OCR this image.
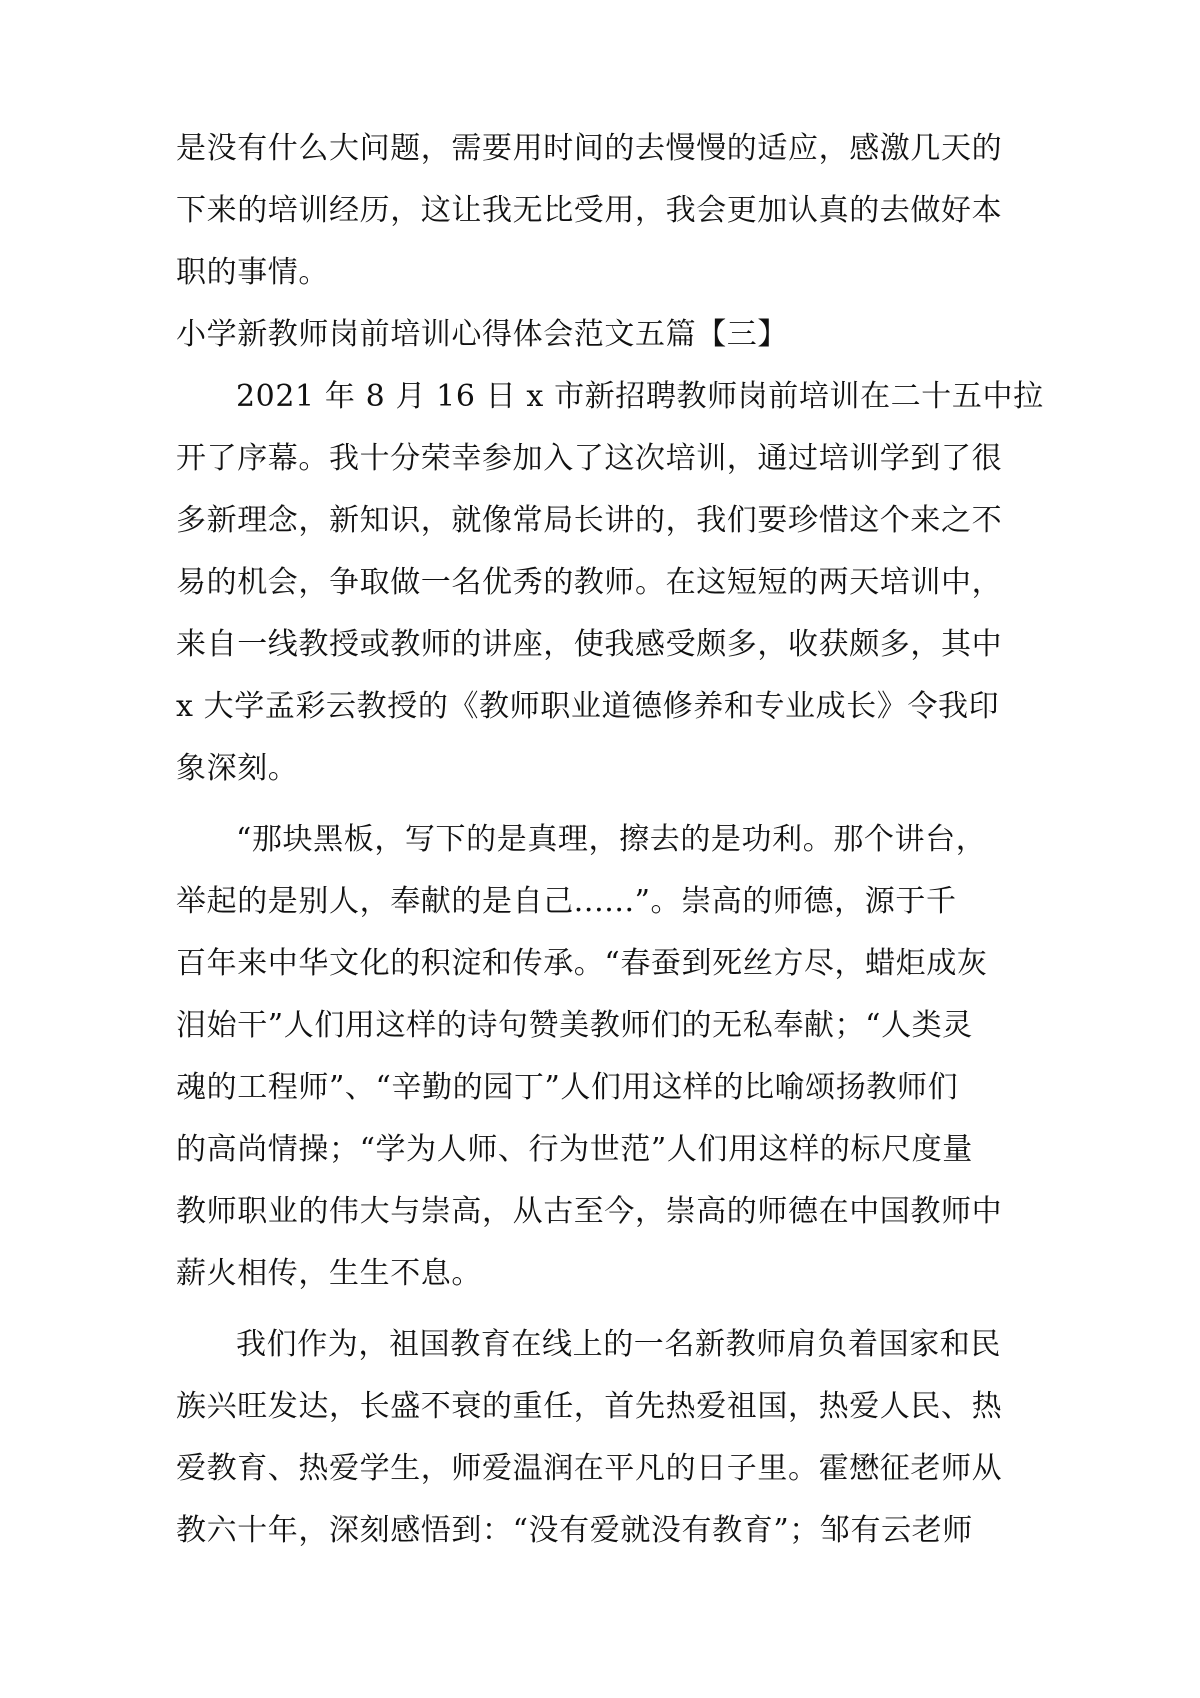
是没有什么大问题，需要用时间的去慢慢的适应，感激几天的
下来的培训经历，这让我无比受用，我会更加认真的去做好本
职的事情。
小学新教师岗前培训心得体会范文五篇【三】
2021 年 8 月 16 日 x 市新招聘教师岗前培训在二十五中拉
开了序幕。我十分荣幸参加入了这次培训，通过培训学到了很
多新理念，新知识，就像常局长讲的，我们要珍惜这个来之不
易的机会，争取做一名优秀的教师。在这短短的两天培训中，
来自一线教授或教师的讲座，使我感受颇多，收获颇多，其中
x 大学孟彩云教授的《教师职业道德修养和专业成长》令我印
象深刻。
“那块黑板，写下的是真理，擦去的是功利。那个讲台，
举起的是别人，奉献的是自己......”。崇高的师德，源于千
百年来中华文化的积淀和传承。“春蚕到死丝方尽，蜡炬成灰
泪始干”人们用这样的诗句赞美教师们的无私奉献；“人类灵
魂的工程师”、“辛勤的园丁”人们用这样的比喻颂扬教师们
的高尚情操；“学为人师、行为世范”人们用这样的标尺度量
教师职业的伟大与崇高，从古至今，崇高的师德在中国教师中
薪火相传，生生不息。
我们作为，祖国教育在线上的一名新教师肩负着国家和民
族兴旺发达，长盛不衰的重任，首先热爱祖国，热爱人民、热
爱教育、热爱学生，师爱温润在平凡的日子里。霍懋征老师从
教六十年，深刻感悟到：“没有爱就没有教育”；邹有云老师
